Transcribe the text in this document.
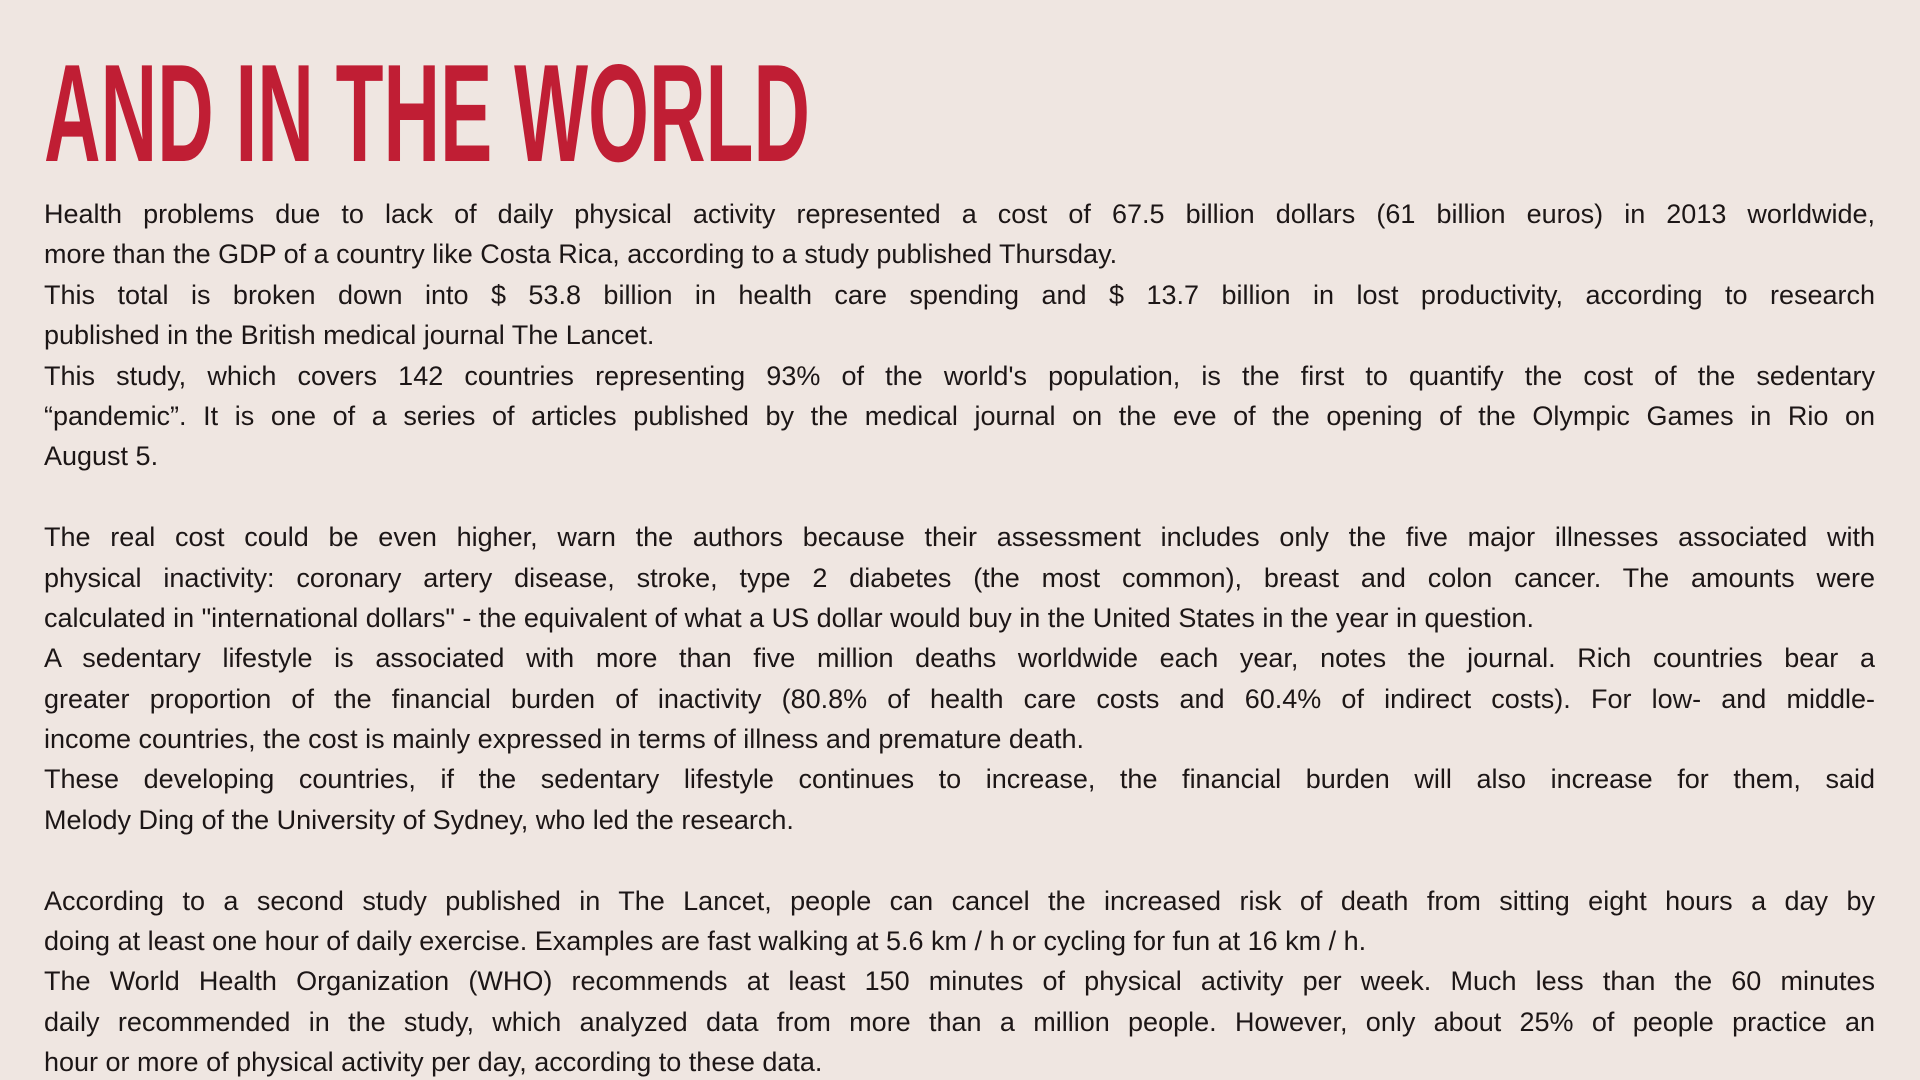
AND IN THE WORLD
Health problems due to lack of daily physical activity represented a cost of 67.5 billion dollars (61 billion euros) in 2013 worldwide,
more than the GDP of a country like Costa Rica, according to a study published Thursday.
This total is broken down into $ 53.8 billion in health care spending and $ 13.7 billion in lost productivity, according to research
published in the British medical journal The Lancet.
This study, which covers 142 countries representing 93% of the world's population, is the first to quantify the cost of the sedentary
“pandemic”. It is one of a series of articles published by the medical journal on the eve of the opening of the Olympic Games in Rio on
August 5.
The real cost could be even higher, warn the authors because their assessment includes only the five major illnesses associated with
physical inactivity: coronary artery disease, stroke, type 2 diabetes (the most common), breast and colon cancer. The amounts were
calculated in "international dollars" - the equivalent of what a US dollar would buy in the United States in the year in question.
A sedentary lifestyle is associated with more than five million deaths worldwide each year, notes the journal. Rich countries bear a
greater proportion of the financial burden of inactivity (80.8% of health care costs and 60.4% of indirect costs). For low- and middle-
income countries, the cost is mainly expressed in terms of illness and premature death.
These developing countries, if the sedentary lifestyle continues to increase, the financial burden will also increase for them, said
Melody Ding of the University of Sydney, who led the research.
According to a second study published in The Lancet, people can cancel the increased risk of death from sitting eight hours a day by
doing at least one hour of daily exercise. Examples are fast walking at 5.6 km / h or cycling for fun at 16 km / h.
The World Health Organization (WHO) recommends at least 150 minutes of physical activity per week. Much less than the 60 minutes
daily recommended in the study, which analyzed data from more than a million people. However, only about 25% of people practice an
hour or more of physical activity per day, according to these data.
